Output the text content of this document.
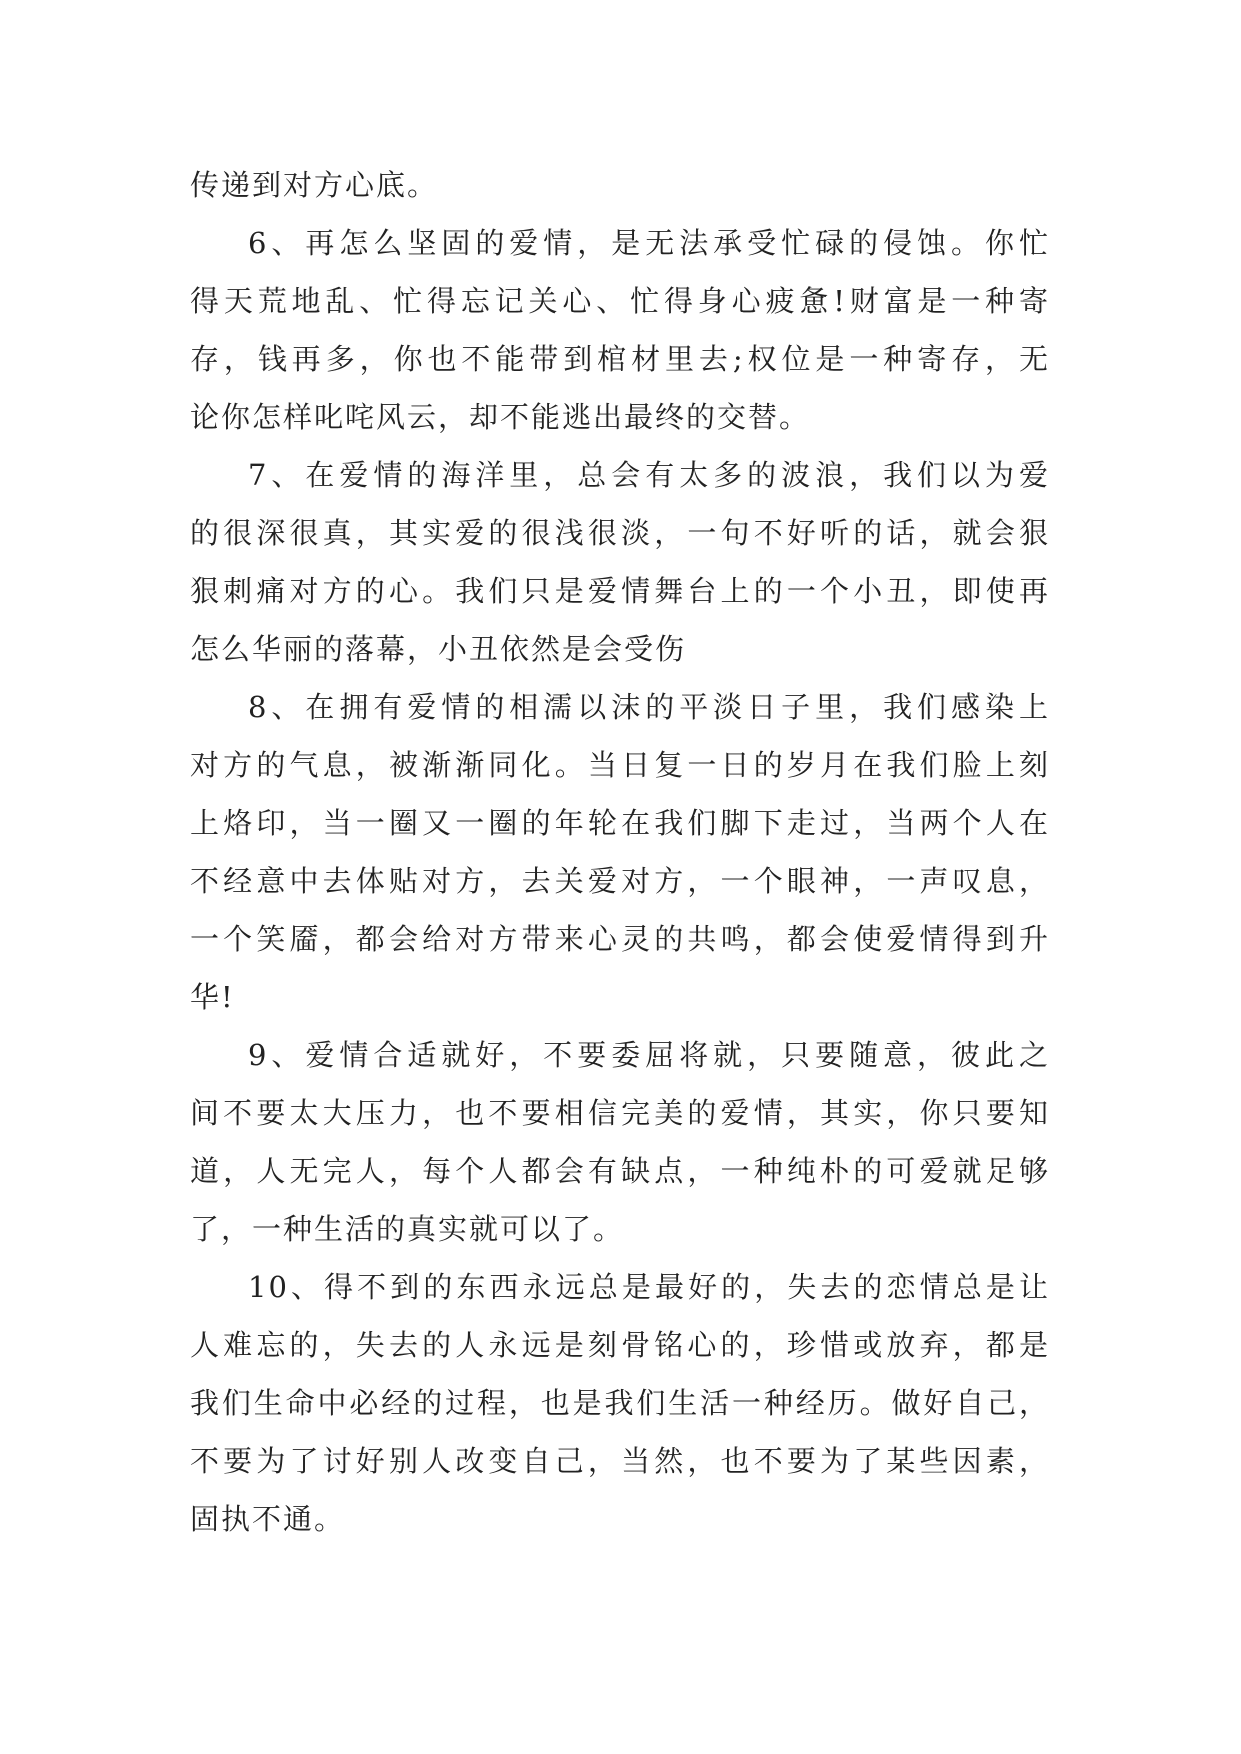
传递到对方心底。
6、再怎么坚固的爱情，是无法承受忙碌的侵蚀。你忙
得天荒地乱、忙得忘记关心、忙得身心疲惫!财富是一种寄
存，钱再多，你也不能带到棺材里去;权位是一种寄存，无
论你怎样叱咤风云，却不能逃出最终的交替。
7、在爱情的海洋里，总会有太多的波浪，我们以为爱
的很深很真，其实爱的很浅很淡，一句不好听的话，就会狠
狠刺痛对方的心。我们只是爱情舞台上的一个小丑，即使再
怎么华丽的落幕，小丑依然是会受伤
8、在拥有爱情的相濡以沫的平淡日子里，我们感染上
对方的气息，被渐渐同化。当日复一日的岁月在我们脸上刻
上烙印，当一圈又一圈的年轮在我们脚下走过，当两个人在
不经意中去体贴对方，去关爱对方，一个眼神，一声叹息，
一个笑靥，都会给对方带来心灵的共鸣，都会使爱情得到升
华!
9、爱情合适就好，不要委屈将就，只要随意，彼此之
间不要太大压力，也不要相信完美的爱情，其实，你只要知
道，人无完人，每个人都会有缺点，一种纯朴的可爱就足够
了，一种生活的真实就可以了。
10、得不到的东西永远总是最好的，失去的恋情总是让
人难忘的，失去的人永远是刻骨铭心的，珍惜或放弃，都是
我们生命中必经的过程，也是我们生活一种经历。做好自己，
不要为了讨好别人改变自己，当然，也不要为了某些因素，
固执不通。
